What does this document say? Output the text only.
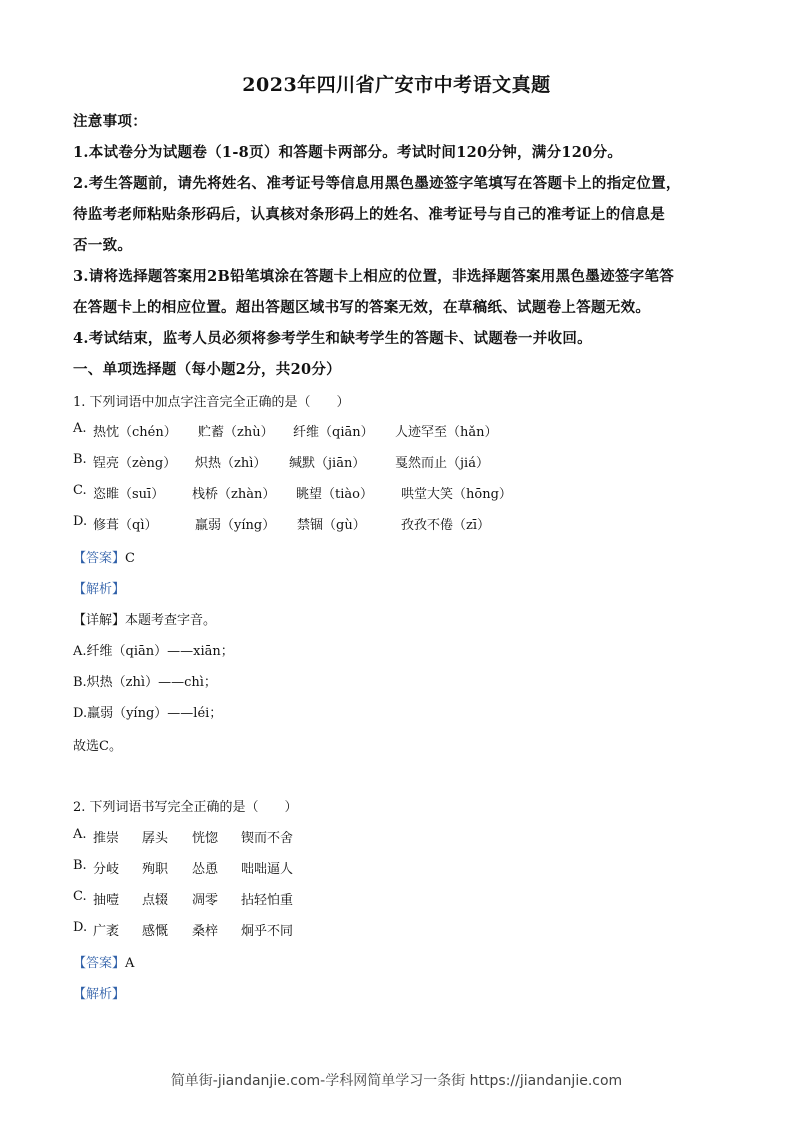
2023年四川省广安市中考语文真题
注意事项：
1.本试卷分为试题卷（1-8页）和答题卡两部分。考试时间120分钟，满分120分。
2.考生答题前，请先将姓名、准考证号等信息用黑色墨迹签字笔填写在答题卡上的指定位置，
待监考老师粘贴条形码后，认真核对条形码上的姓名、准考证号与自己的准考证上的信息是
否一致。
3.请将选择题答案用2B铅笔填涂在答题卡上相应的位置，非选择题答案用黑色墨迹签字笔答
在答题卡上的相应位置。超出答题区域书写的答案无效，在草稿纸、试题卷上答题无效。
4.考试结束，监考人员必须将参考学生和缺考学生的答题卡、试题卷一并收回。
一、单项选择题（每小题2分，共20分）
1. 下列词语中加点字注音完全正确的是（　　）
A. 热忱（chén） 贮蓄（zhù） 纤维（qiān） 人迹罕至（hǎn）
B. 锃亮（zèng） 炽热（zhì） 缄默（jiān） 戛然而止（jiá）
C. 恣睢（suī） 栈桥（zhàn） 眺望（tiào） 哄堂大笑（hōng）
D. 修葺（qì）	羸弱（yíng） 禁锢（gù）	孜孜不倦（zī）
【答案】C
【解析】
【详解】本题考查字音。
A.纤维（qiān）——xiān；
B.炽热（zhì）——chì；
D.羸弱（yíng）——léi；
故选C。
2. 下列词语书写完全正确的是（　　）
A. 推崇 孱头 恍惚 锲而不舍
B. 分岐 殉职 怂恿 咄咄逼人
C. 抽噎 点辍 凋零 拈轻怕重
D. 广袤 感慨 桑梓 炯乎不同
【答案】A
【解析】
简单街-jiandanjie.com-学科网简单学习一条街 https://jiandanjie.com
